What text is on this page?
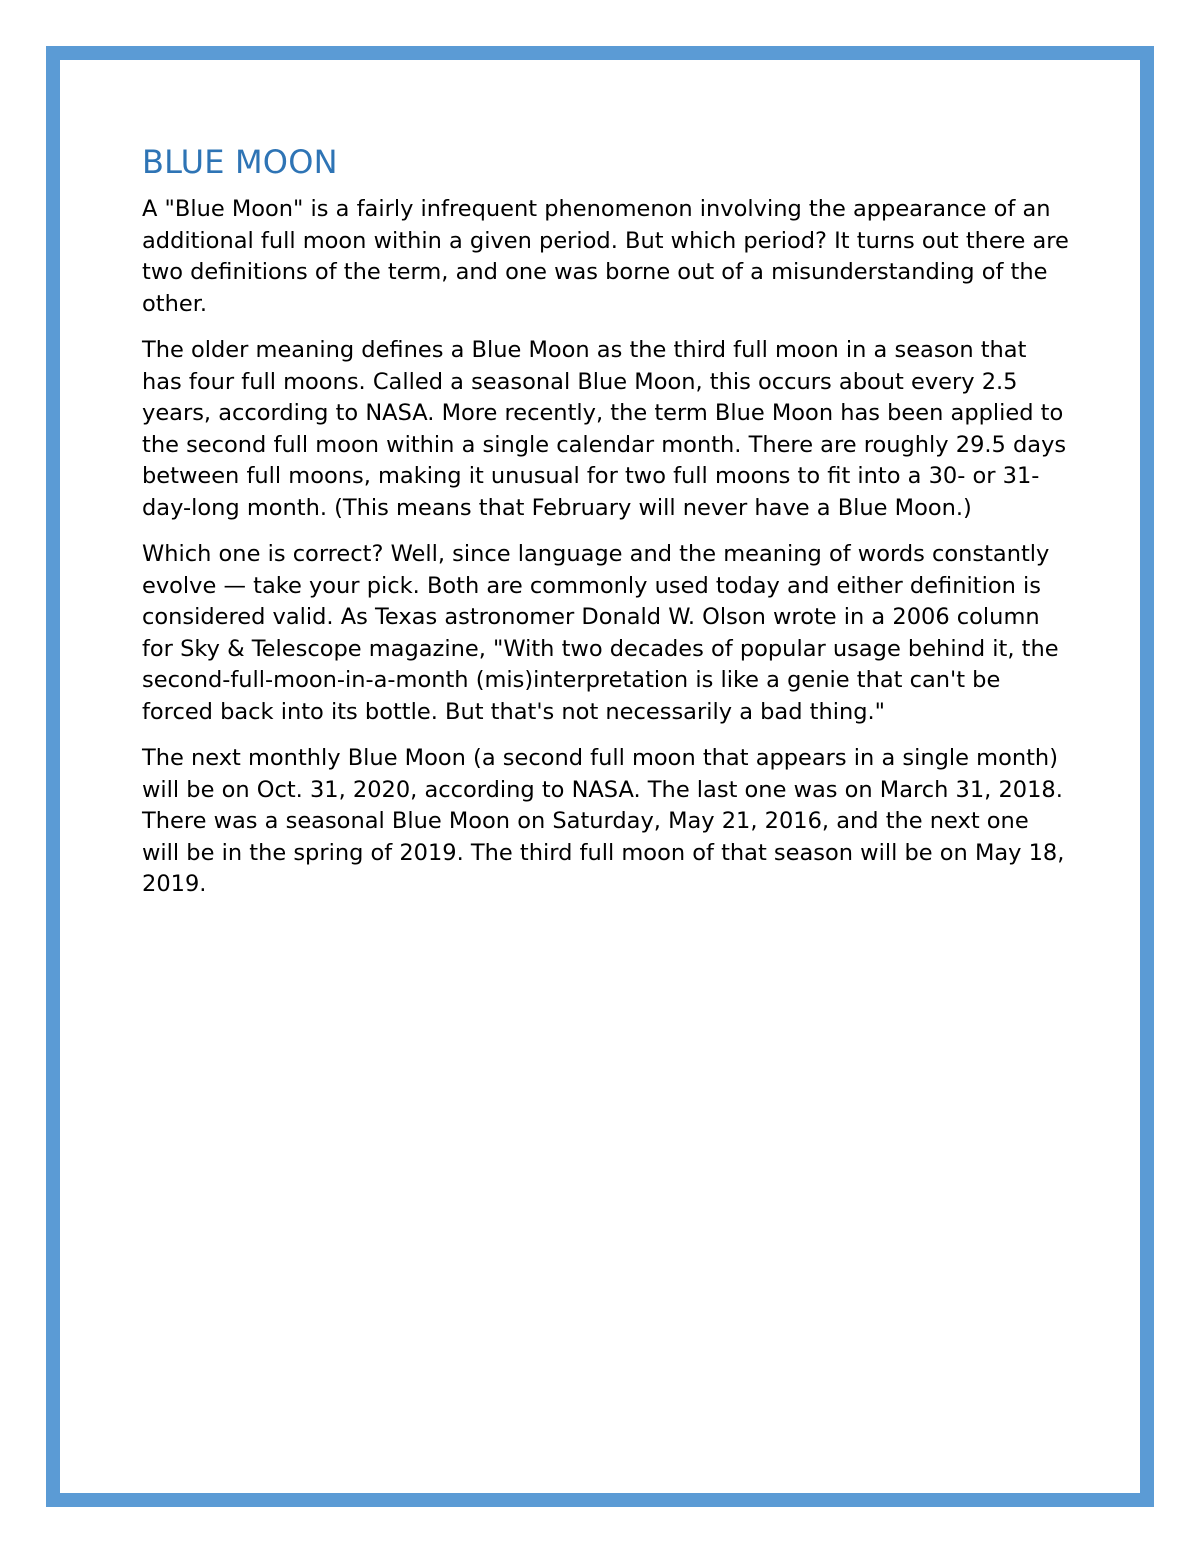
BLUE MOON

A "Blue Moon" is a fairly infrequent phenomenon involving the appearance of an additional full moon within a given period. But which period? It turns out there are two definitions of the term, and one was borne out of a misunderstanding of the other.

The older meaning defines a Blue Moon as the third full moon in a season that has four full moons. Called a seasonal Blue Moon, this occurs about every 2.5 years, according to NASA. More recently, the term Blue Moon has been applied to the second full moon within a single calendar month. There are roughly 29.5 days between full moons, making it unusual for two full moons to fit into a 30- or 31-day-long month. (This means that February will never have a Blue Moon.)

Which one is correct? Well, since language and the meaning of words constantly evolve — take your pick. Both are commonly used today and either definition is considered valid. As Texas astronomer Donald W. Olson wrote in a 2006 column for Sky & Telescope magazine, "With two decades of popular usage behind it, the second-full-moon-in-a-month (mis)interpretation is like a genie that can't be forced back into its bottle. But that's not necessarily a bad thing."

The next monthly Blue Moon (a second full moon that appears in a single month) will be on Oct. 31, 2020, according to NASA. The last one was on March 31, 2018. There was a seasonal Blue Moon on Saturday, May 21, 2016, and the next one will be in the spring of 2019. The third full moon of that season will be on May 18, 2019.
